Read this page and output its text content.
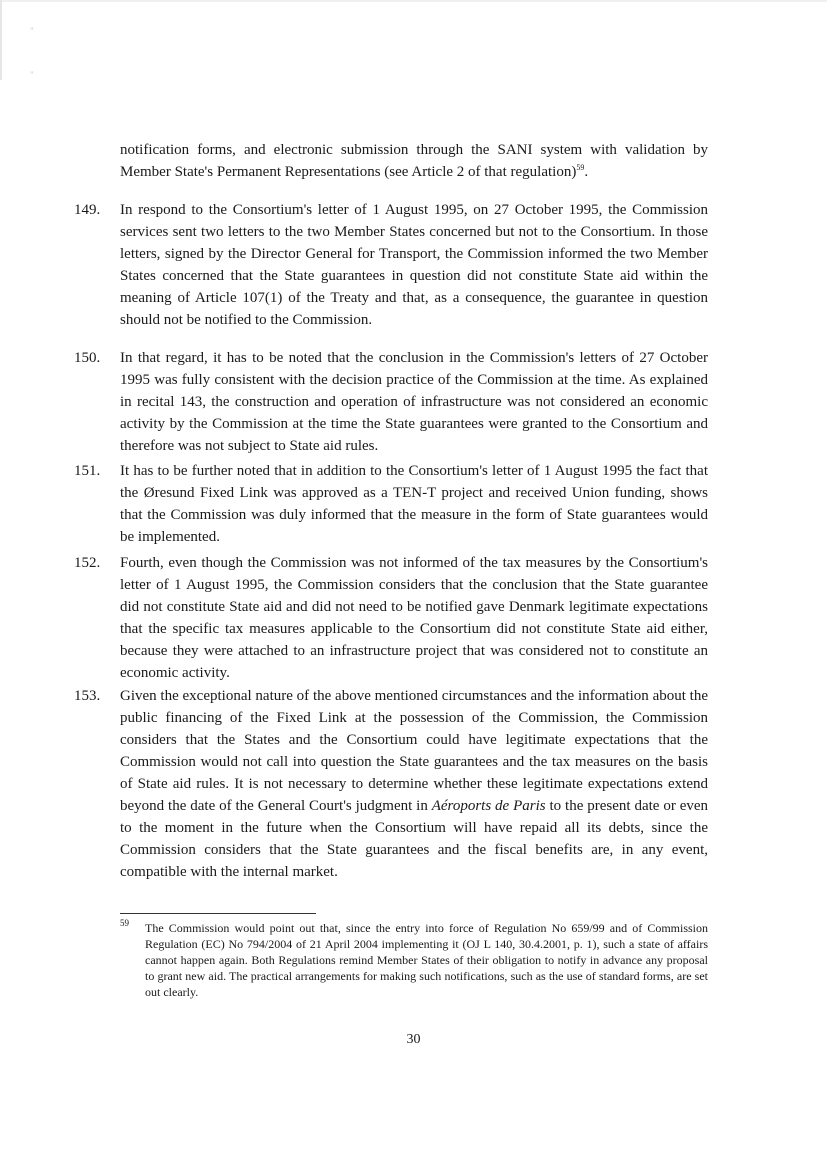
"
"

notification forms, and electronic submission through the SANI system with validation by Member State's Permanent Representations (see Article 2 of that regulation)$^{59}$.

149. In respond to the Consortium's letter of 1 August 1995, on 27 October 1995, the Commission services sent two letters to the two Member States concerned but not to the Consortium. In those letters, signed by the Director General for Transport, the Commission informed the two Member States concerned that the State guarantees in question did not constitute State aid within the meaning of Article 107(1) of the Treaty and that, as a consequence, the guarantee in question should not be notified to the Commission.

150. In that regard, it has to be noted that the conclusion in the Commission's letters of 27 October 1995 was fully consistent with the decision practice of the Commission at the time. As explained in recital 143, the construction and operation of infrastructure was not considered an economic activity by the Commission at the time the State guarantees were granted to the Consortium and therefore was not subject to State aid rules.

151. It has to be further noted that in addition to the Consortium's letter of 1 August 1995 the fact that the Øresund Fixed Link was approved as a TEN-T project and received Union funding, shows that the Commission was duly informed that the measure in the form of State guarantees would be implemented.

152. Fourth, even though the Commission was not informed of the tax measures by the Consortium's letter of 1 August 1995, the Commission considers that the conclusion that the State guarantee did not constitute State aid and did not need to be notified gave Denmark legitimate expectations that the specific tax measures applicable to the Consortium did not constitute State aid either, because they were attached to an infrastructure project that was considered not to constitute an economic activity.

153. Given the exceptional nature of the above mentioned circumstances and the information about the public financing of the Fixed Link at the possession of the Commission, the Commission considers that the States and the Consortium could have legitimate expectations that the Commission would not call into question the State guarantees and the tax measures on the basis of State aid rules. It is not necessary to determine whether these legitimate expectations extend beyond the date of the General Court's judgment in Aéroports de Paris to the present date or even to the moment in the future when the Consortium will have repaid all its debts, since the Commission considers that the State guarantees and the fiscal benefits are, in any event, compatible with the internal market.

59 The Commission would point out that, since the entry into force of Regulation No 659/99 and of Commission Regulation (EC) No 794/2004 of 21 April 2004 implementing it (OJ L 140, 30.4.2001, p. 1), such a state of affairs cannot happen again. Both Regulations remind Member States of their obligation to notify in advance any proposal to grant new aid. The practical arrangements for making such notifications, such as the use of standard forms, are set out clearly.

30
